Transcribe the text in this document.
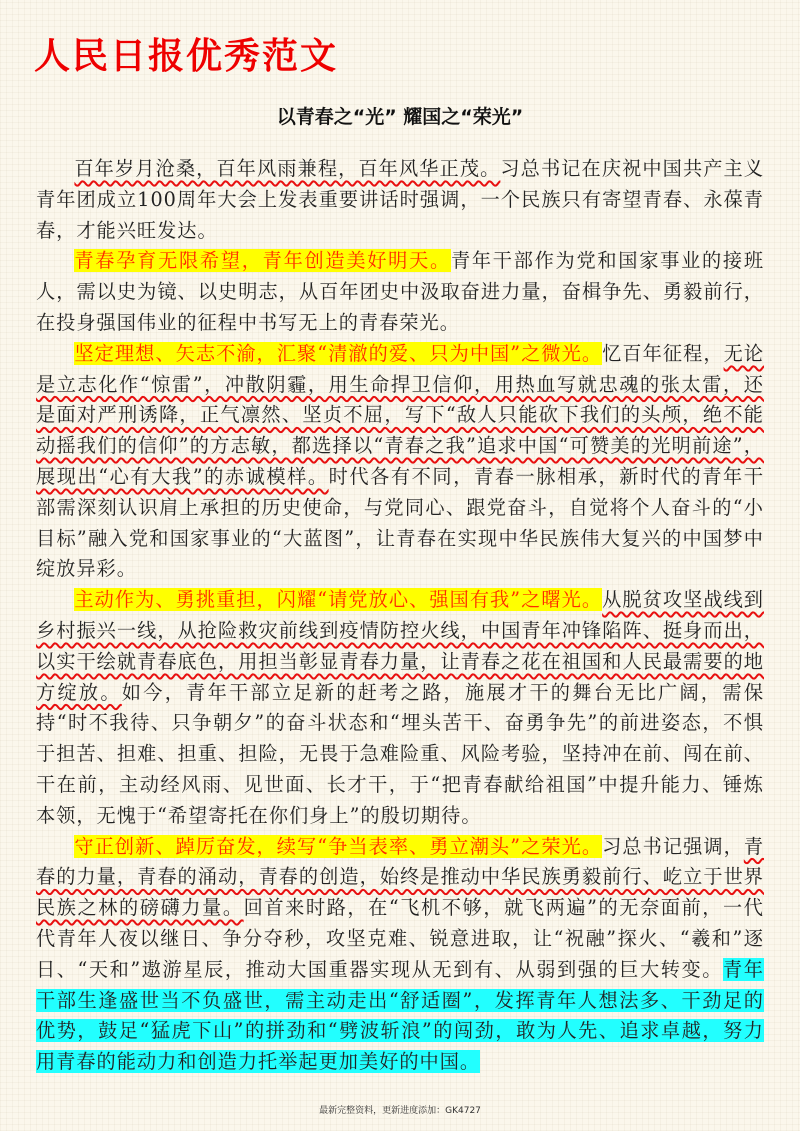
人民日报优秀范文
以青春之“光” 耀国之“荣光”

百年岁月沧桑，百年风雨兼程，百年风华正茂。习总书记在庆祝中国共产主义青年团成立100周年大会上发表重要讲话时强调，一个民族只有寄望青春、永葆青春，才能兴旺发达。

青春孕育无限希望，青年创造美好明天。青年干部作为党和国家事业的接班人，需以史为镜、以史明志，从百年团史中汲取奋进力量，奋楫争先、勇毅前行，在投身强国伟业的征程中书写无上的青春荣光。

坚定理想、矢志不渝，汇聚“清澈的爱、只为中国”之微光。忆百年征程，无论是立志化作“惊雷”，冲散阴霾，用生命捍卫信仰，用热血写就忠魂的张太雷，还是面对严刑诱降，正气凛然、坚贞不屈，写下“敌人只能砍下我们的头颅，绝不能动摇我们的信仰”的方志敏，都选择以“青春之我”追求中国“可赞美的光明前途”，展现出“心有大我”的赤诚模样。时代各有不同，青春一脉相承，新时代的青年干部需深刻认识肩上承担的历史使命，与党同心、跟党奋斗，自觉将个人奋斗的“小目标”融入党和国家事业的“大蓝图”，让青春在实现中华民族伟大复兴的中国梦中绽放异彩。

主动作为、勇挑重担，闪耀“请党放心、强国有我”之曙光。从脱贫攻坚战线到乡村振兴一线，从抢险救灾前线到疫情防控火线，中国青年冲锋陷阵、挺身而出，以实干绘就青春底色，用担当彰显青春力量，让青春之花在祖国和人民最需要的地方绽放。如今，青年干部立足新的赶考之路，施展才干的舞台无比广阔，需保持“时不我待、只争朝夕”的奋斗状态和“埋头苦干、奋勇争先”的前进姿态，不惧于担苦、担难、担重、担险，无畏于急难险重、风险考验，坚持冲在前、闯在前、干在前，主动经风雨、见世面、长才干，于“把青春献给祖国”中提升能力、锤炼本领，无愧于“希望寄托在你们身上”的殷切期待。

守正创新、踔厉奋发，续写“争当表率、勇立潮头”之荣光。习总书记强调，青春的力量，青春的涌动，青春的创造，始终是推动中华民族勇毅前行、屹立于世界民族之林的磅礴力量。回首来时路，在“飞机不够，就飞两遍”的无奈面前，一代代青年人夜以继日、争分夺秒，攻坚克难、锐意进取，让“祝融”探火、“羲和”逐日、“天和”遨游星辰，推动大国重器实现从无到有、从弱到强的巨大转变。青年干部生逢盛世当不负盛世，需主动走出“舒适圈”，发挥青年人想法多、干劲足的优势，鼓足“猛虎下山”的拼劲和“劈波斩浪”的闯劲，敢为人先、追求卓越，努力用青春的能动力和创造力托举起更加美好的中国。

最新完整资料，更新进度添加：GK4727
